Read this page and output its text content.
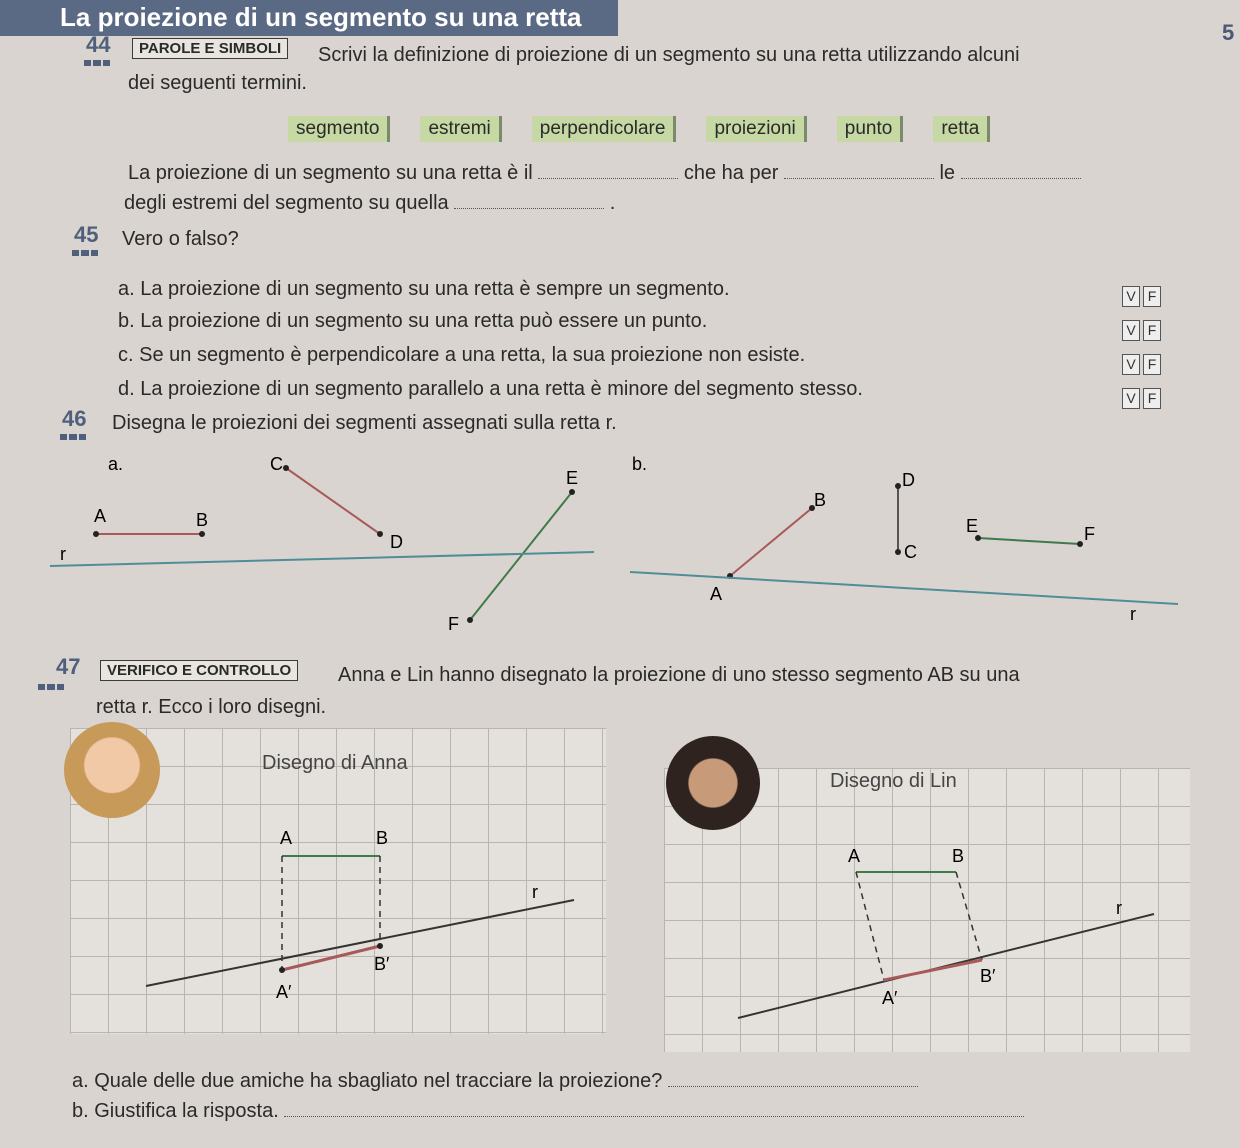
La proiezione di un segmento su una retta
5
44	PAROLE E SIMBOLI	Scrivi la definizione di proiezione di un segmento su una retta utilizzando alcuni
dei seguenti termini.
segmento	estremi	perpendicolare	proiezioni	punto	retta
La proiezione di un segmento su una retta è il	che ha per	le
degli estremi del segmento su quella	.
45 Vero o falso?
a. La proiezione di un segmento su una retta è sempre un segmento.	V F
b. La proiezione di un segmento su una retta può essere un punto.	V F
c. Se un segmento è perpendicolare a una retta, la sua proiezione non esiste.	V F
d. La proiezione di un segmento parallelo a una retta è minore del segmento stesso.	V F
46 Disegna le proiezioni dei segmenti assegnati sulla retta r.
a.
A	B
C
D
E
F
r
b.
A
B
D
C
E	F
r
47	VERIFICO E CONTROLLO	Anna e Lin hanno disegnato la proiezione di uno stesso segmento AB su una
retta r. Ecco i loro disegni.
Disegno di Anna
A	B
A′
B′
r
Disegno di Lin
A	B
A′
B′
r
a. Quale delle due amiche ha sbagliato nel tracciare la proiezione?
b. Giustifica la risposta.
